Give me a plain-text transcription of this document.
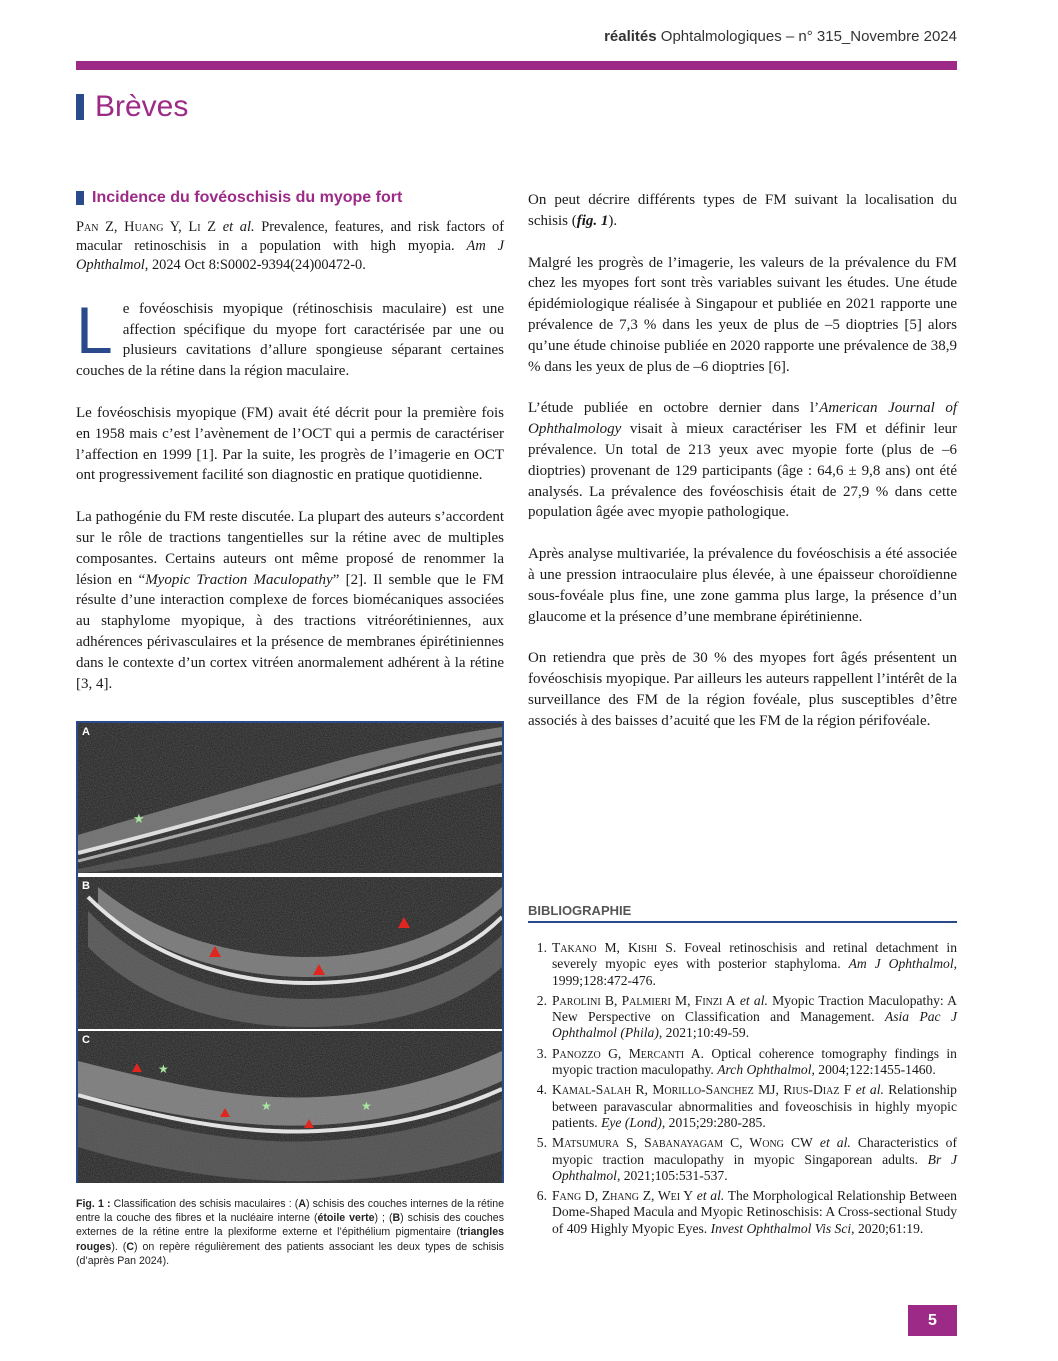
réalités Ophtalmologiques – n° 315_Novembre 2024
Brèves
Incidence du fovéoschisis du myope fort
Pan Z, Huang Y, Li Z et al. Prevalence, features, and risk factors of macular retinoschisis in a population with high myopia. Am J Ophthalmol, 2024 Oct 8:S0002-9394(24)00472-0.

Le fovéoschisis myopique (rétinoschisis maculaire) est une affection spécifique du myope fort caractérisée par une ou plusieurs cavitations d’allure spongieuse séparant certaines couches de la rétine dans la région maculaire.

Le fovéoschisis myopique (FM) avait été décrit pour la première fois en 1958 mais c’est l’avènement de l’OCT qui a permis de caractériser l’affection en 1999 [1]. Par la suite, les progrès de l’imagerie en OCT ont progressivement facilité son diagnostic en pratique quotidienne.

La pathogénie du FM reste discutée. La plupart des auteurs s’accordent sur le rôle de tractions tangentielles sur la rétine avec de multiples composantes. Certains auteurs ont même proposé de renommer la lésion en “Myopic Traction Maculopathy” [2]. Il semble que le FM résulte d’une interaction complexe de forces biomécaniques associées au staphylome myopique, à des tractions vitréorétiniennes, aux adhérences périvasculaires et la présence de membranes épirétiniennes dans le contexte d’un cortex vitréen anormalement adhérent à la rétine [3, 4].

On peut décrire différents types de FM suivant la localisation du schisis (fig. 1).

Malgré les progrès de l’imagerie, les valeurs de la prévalence du FM chez les myopes fort sont très variables suivant les études. Une étude épidémiologique réalisée à Singapour et publiée en 2021 rapporte une prévalence de 7,3 % dans les yeux de plus de –5 dioptries [5] alors qu’une étude chinoise publiée en 2020 rapporte une prévalence de 38,9 % dans les yeux de plus de –6 dioptries [6].

L’étude publiée en octobre dernier dans l’American Journal of Ophthalmology visait à mieux caractériser les FM et définir leur prévalence. Un total de 213 yeux avec myopie forte (plus de –6 dioptries) provenant de 129 participants (âge : 64,6 ± 9,8 ans) ont été analysés. La prévalence des fovéoschisis était de 27,9 % dans cette population âgée avec myopie pathologique.

Après analyse multivariée, la prévalence du fovéoschisis a été associée à une pression intraoculaire plus élevée, à une épaisseur choroïdienne sous-fovéale plus fine, une zone gamma plus large, la présence d’un glaucome et la présence d’une membrane épirétinienne.

On retiendra que près de 30 % des myopes fort âgés présentent un fovéoschisis myopique. Par ailleurs les auteurs rappellent l’intérêt de la surveillance des FM de la région fovéale, plus susceptibles d’être associés à des baisses d’acuité que les FM de la région périfovéale.

★
A
B
★
★	★
C
Fig. 1 : Classification des schisis maculaires : (A) schisis des couches internes de la rétine entre la couche des fibres et la nucléaire interne (étoile verte) ; (B) schisis des couches externes de la rétine entre la plexiforme externe et l’épithélium pigmentaire (triangles rouges). (C) on repère régulièrement des patients associant les deux types de schisis (d’après Pan 2024).
BIBLIOGRAPHIE
1. Takano M, Kishi S. Foveal retinoschisis and retinal detachment in severely myopic eyes with posterior staphyloma. Am J Ophthalmol, 1999;128:472-476.
2. Parolini B, Palmieri M, Finzi A et al. Myopic Traction Maculopathy: A New Perspective on Classification and Management. Asia Pac J Ophthalmol (Phila), 2021;10:49-59.
3. Panozzo G, Mercanti A. Optical coherence tomography findings in myopic traction maculopathy. Arch Ophthalmol, 2004;122:1455-1460.
4. Kamal-Salah R, Morillo-Sanchez MJ, Rius-Diaz F et al. Relationship between paravascular abnormalities and foveoschisis in highly myopic patients. Eye (Lond), 2015;29:280-285.
5. Matsumura S, Sabanayagam C, Wong CW et al. Characteristics of myopic traction maculopathy in myopic Singaporean adults. Br J Ophthalmol, 2021;105:531-537.
6. Fang D, Zhang Z, Wei Y et al. The Morphological Relationship Between Dome-Shaped Macula and Myopic Retinoschisis: A Cross-sectional Study of 409 Highly Myopic Eyes. Invest Ophthalmol Vis Sci, 2020;61:19.
5
